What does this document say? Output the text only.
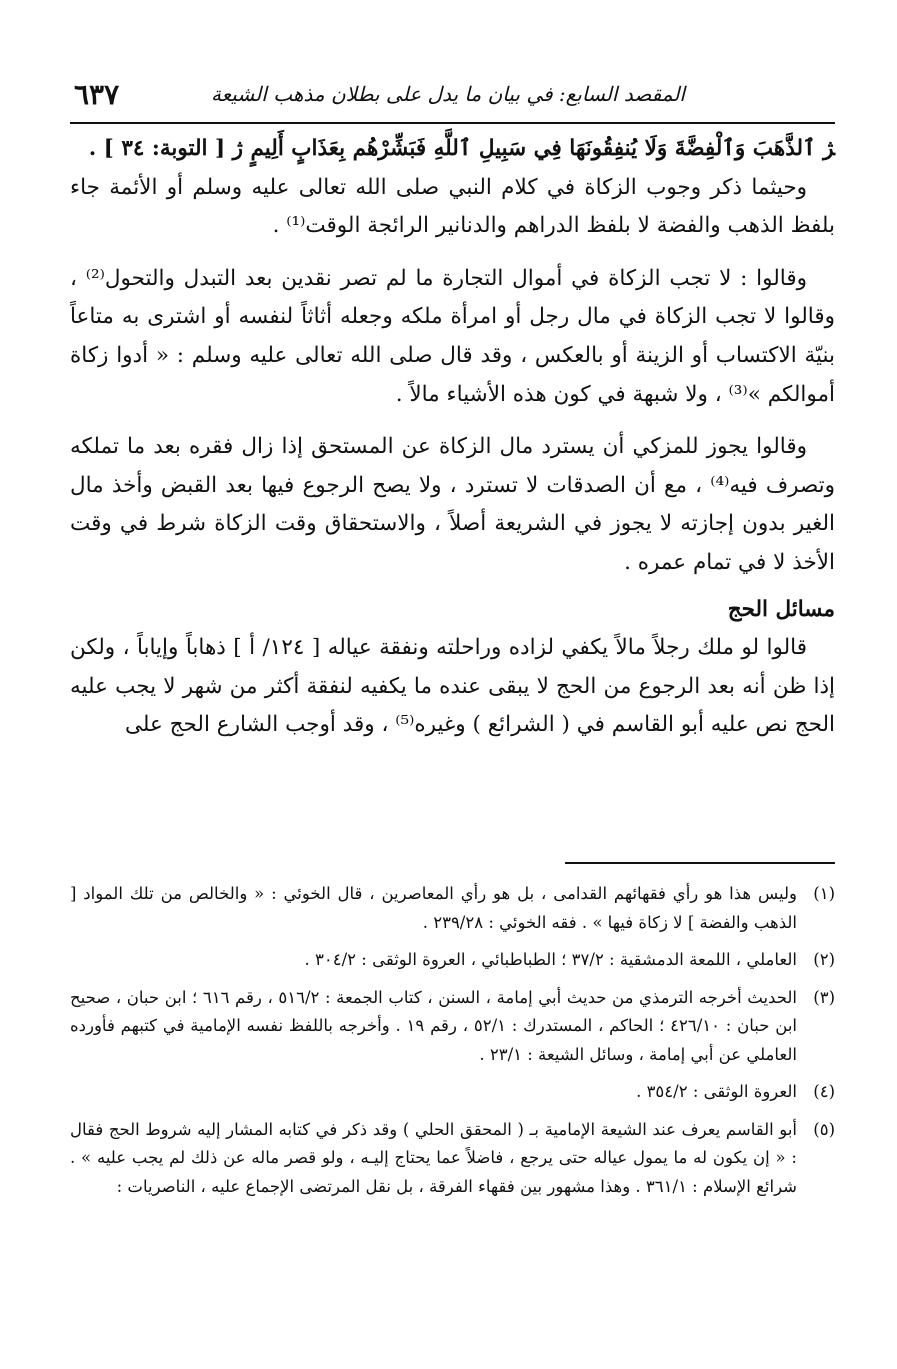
المقصد السابع: في بيان ما يدل على بطلان مذهب الشيعة
٦٣٧

ﮋ ٱلذَّهَبَ وَٱلْفِضَّةَ وَلَا يُنفِقُونَهَا فِي سَبِيلِ ٱللَّهِ فَبَشِّرْهُم بِعَذَابٍ أَلِيمٍ ﮊ [ التوبة: ٣٤ ] .

وحيثما ذكر وجوب الزكاة في كلام النبي صلى الله تعالى عليه وسلم أو الأئمة جاء بلفظ الذهب والفضة لا بلفظ الدراهم والدنانير الرائجة الوقت⁽¹⁾ .

وقالوا : لا تجب الزكاة في أموال التجارة ما لم تصر نقدين بعد التبدل والتحول⁽²⁾ ، وقالوا لا تجب الزكاة في مال رجل أو امرأة ملكه وجعله أثاثاً لنفسه أو اشترى به متاعاً بنيّة الاكتساب أو الزينة أو بالعكس ، وقد قال صلى الله تعالى عليه وسلم : « أدوا زكاة أموالكم »⁽³⁾ ، ولا شبهة في كون هذه الأشياء مالاً .

وقالوا يجوز للمزكي أن يسترد مال الزكاة عن المستحق إذا زال فقره بعد ما تملكه وتصرف فيه⁽⁴⁾ ، مع أن الصدقات لا تسترد ، ولا يصح الرجوع فيها بعد القبض وأخذ مال الغير بدون إجازته لا يجوز في الشريعة أصلاً ، والاستحقاق وقت الزكاة شرط في وقت الأخذ لا في تمام عمره .

مسائل الحج

قالوا لو ملك رجلاً مالاً يكفي لزاده وراحلته ونفقة عياله [ ١٢٤/ أ ] ذهاباً وإياباً ، ولكن إذا ظن أنه بعد الرجوع من الحج لا يبقى عنده ما يكفيه لنفقة أكثر من شهر لا يجب عليه الحج نص عليه أبو القاسم في ( الشرائع ) وغيره⁽⁵⁾ ، وقد أوجب الشارع الحج على

(١)
وليس هذا هو رأي فقهائهم القدامى ، بل هو رأي المعاصرين ، قال الخوئي : « والخالص من تلك المواد [ الذهب والفضة ] لا زكاة فيها » . فقه الخوئي : ٢٣٩/٢٨ .
(٢)
العاملي ، اللمعة الدمشقية : ٣٧/٢ ؛ الطباطبائي ، العروة الوثقى : ٣٠٤/٢ .
(٣)
الحديث أخرجه الترمذي من حديث أبي إمامة ، السنن ، كتاب الجمعة : ٥١٦/٢ ، رقم ٦١٦ ؛ ابن حبان ، صحيح ابن حبان : ٤٢٦/١٠ ؛ الحاكم ، المستدرك : ٥٢/١ ، رقم ١٩ . وأخرجه باللفظ نفسه الإمامية في كتبهم فأورده العاملي عن أبي إمامة ، وسائل الشيعة : ٢٣/١ .
(٤)
العروة الوثقى : ٣٥٤/٢ .
(٥)
أبو القاسم يعرف عند الشيعة الإمامية بـ ( المحقق الحلي ) وقد ذكر في كتابه المشار إليه شروط الحج فقال : « إن يكون له ما يمول عياله حتى يرجع ، فاضلاً عما يحتاج إليـه ، ولو قصر ماله عن ذلك لم يجب عليه » . شرائع الإسلام : ٣٦١/١ . وهذا مشهور بين فقهاء الفرقة ، بل نقل المرتضى الإجماع عليه ، الناصريات :
